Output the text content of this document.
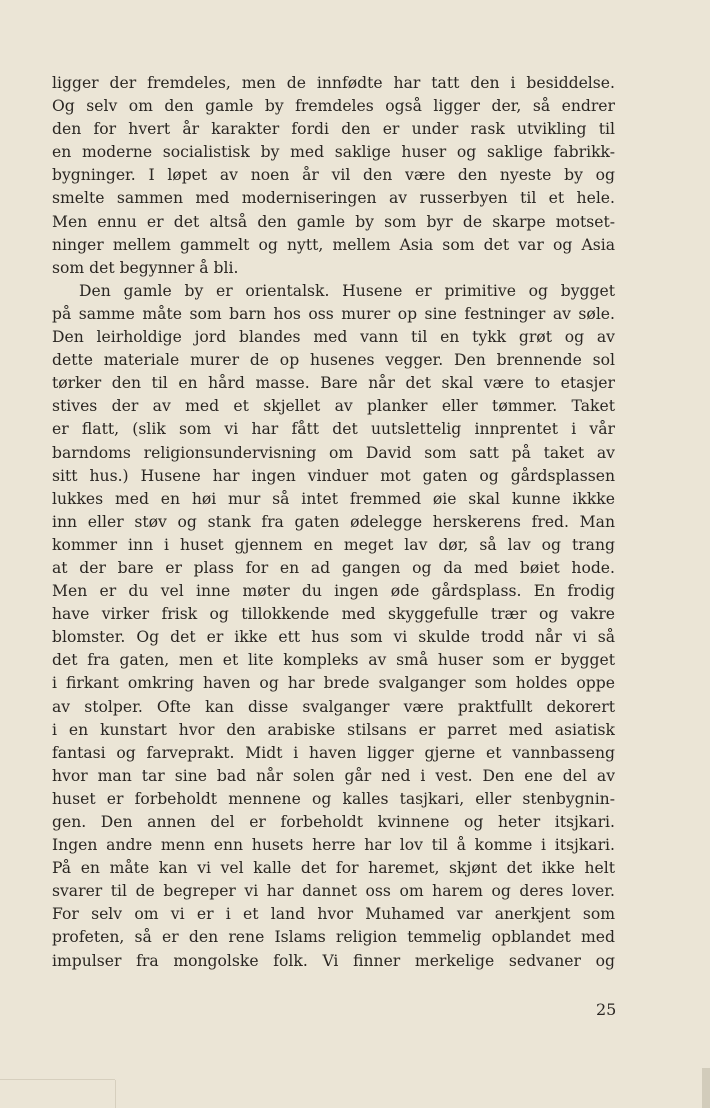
ligger der fremdeles, men de innfødte har tatt den i besiddelse.
Og selv om den gamle by fremdeles også ligger der, så endrer
den for hvert år karakter fordi den er under rask utvikling til
en moderne socialistisk by med saklige huser og saklige fabrikk-
bygninger. I løpet av noen år vil den være den nyeste by og
smelte sammen med moderniseringen av russerbyen til et hele.
Men ennu er det altså den gamle by som byr de skarpe motset-
ninger mellem gammelt og nytt, mellem Asia som det var og Asia
som det begynner å bli.
Den gamle by er orientalsk. Husene er primitive og bygget
på samme måte som barn hos oss murer op sine festninger av søle.
Den leirholdige jord blandes med vann til en tykk grøt og av
dette materiale murer de op husenes vegger. Den brennende sol
tørker den til en hård masse. Bare når det skal være to etasjer
stives der av med et skjellet av planker eller tømmer. Taket
er flatt, (slik som vi har fått det uutslettelig innprentet i vår
barndoms religionsundervisning om David som satt på taket av
sitt hus.) Husene har ingen vinduer mot gaten og gårdsplassen
lukkes med en høi mur så intet fremmed øie skal kunne ikkke
inn eller støv og stank fra gaten ødelegge herskerens fred. Man
kommer inn i huset gjennem en meget lav dør, så lav og trang
at der bare er plass for en ad gangen og da med bøiet hode.
Men er du vel inne møter du ingen øde gårdsplass. En frodig
have virker frisk og tillokkende med skyggefulle trær og vakre
blomster. Og det er ikke ett hus som vi skulde trodd når vi så
det fra gaten, men et lite kompleks av små huser som er bygget
i firkant omkring haven og har brede svalganger som holdes oppe
av stolper. Ofte kan disse svalganger være praktfullt dekorert
i en kunstart hvor den arabiske stilsans er parret med asiatisk
fantasi og farveprakt. Midt i haven ligger gjerne et vannbasseng
hvor man tar sine bad når solen går ned i vest. Den ene del av
huset er forbeholdt mennene og kalles tasjkari, eller stenbygnin-
gen. Den annen del er forbeholdt kvinnene og heter itsjkari.
Ingen andre menn enn husets herre har lov til å komme i itsjkari.
På en måte kan vi vel kalle det for haremet, skjønt det ikke helt
svarer til de begreper vi har dannet oss om harem og deres lover.
For selv om vi er i et land hvor Muhamed var anerkjent som
profeten, så er den rene Islams religion temmelig opblandet med
impulser fra mongolske folk. Vi finner merkelige sedvaner og
25
